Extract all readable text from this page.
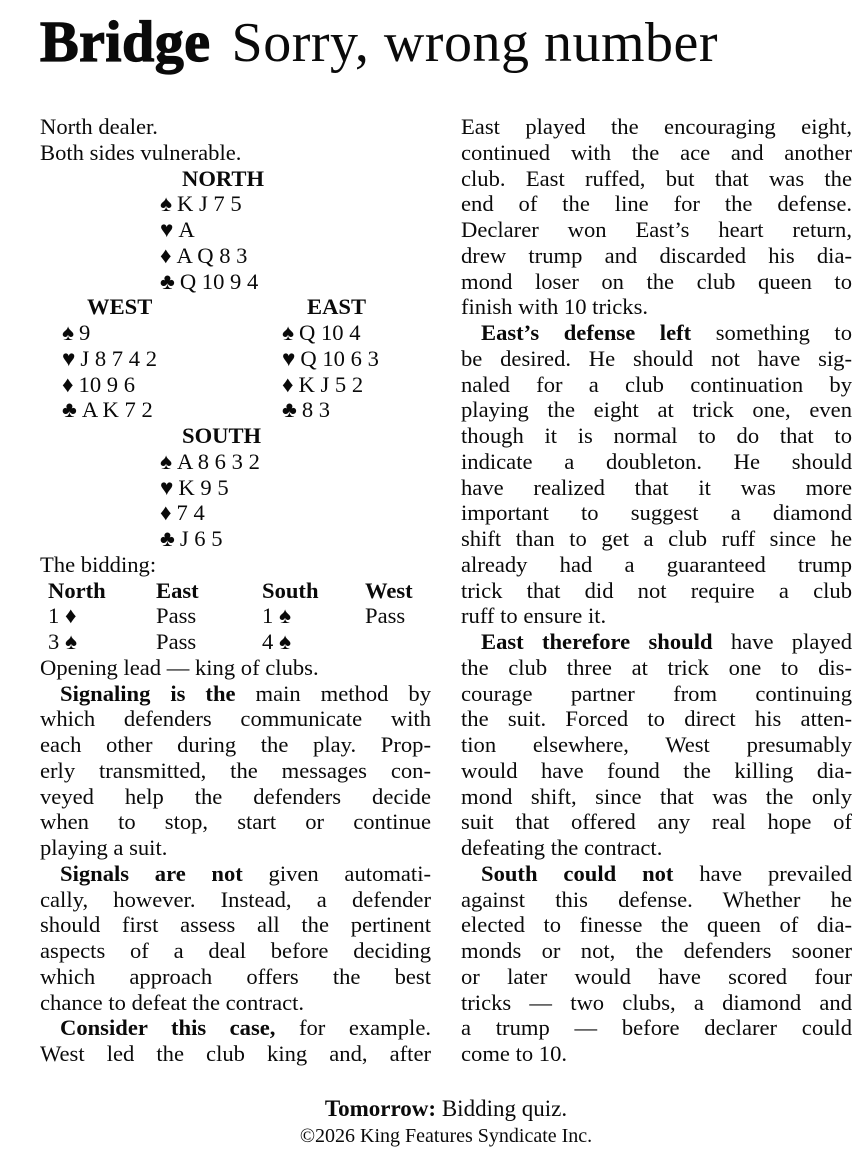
Bridge Sorry, wrong number
North dealer.
Both sides vulnerable.
NORTH
♠ K J 7 5
♥ A
♦ A Q 8 3
♣ Q 10 9 4
WEST	EAST
♠ 9	♠ Q 10 4
♥ J 8 7 4 2	♥ Q 10 6 3
♦ 10 9 6	♦ K J 5 2
♣ A K 7 2	♣ 8 3
SOUTH
♠ A 8 6 3 2
♥ K 9 5
♦ 7 4
♣ J 6 5
The bidding:
North	East	South	West
1 ♦	Pass	1 ♠	Pass
3 ♠	Pass	4 ♠
Opening lead — king of clubs.
Signaling is the main method by
which defenders communicate with
each other during the play. Prop-
erly transmitted, the messages con-
veyed help the defenders decide
when to stop, start or continue
playing a suit.
Signals are not given automati-
cally, however. Instead, a defender
should first assess all the pertinent
aspects of a deal before deciding
which approach offers the best
chance to defeat the contract.
Consider this case, for example.
West led the club king and, after
East played the encouraging eight,
continued with the ace and another
club. East ruffed, but that was the
end of the line for the defense.
Declarer won East’s heart return,
drew trump and discarded his dia-
mond loser on the club queen to
finish with 10 tricks.
East’s defense left something to
be desired. He should not have sig-
naled for a club continuation by
playing the eight at trick one, even
though it is normal to do that to
indicate a doubleton. He should
have realized that it was more
important to suggest a diamond
shift than to get a club ruff since he
already had a guaranteed trump
trick that did not require a club
ruff to ensure it.
East therefore should have played
the club three at trick one to dis-
courage partner from continuing
the suit. Forced to direct his atten-
tion elsewhere, West presumably
would have found the killing dia-
mond shift, since that was the only
suit that offered any real hope of
defeating the contract.
South could not have prevailed
against this defense. Whether he
elected to finesse the queen of dia-
monds or not, the defenders sooner
or later would have scored four
tricks — two clubs, a diamond and
a trump — before declarer could
come to 10.
Tomorrow: Bidding quiz.
©2026 King Features Syndicate Inc.
